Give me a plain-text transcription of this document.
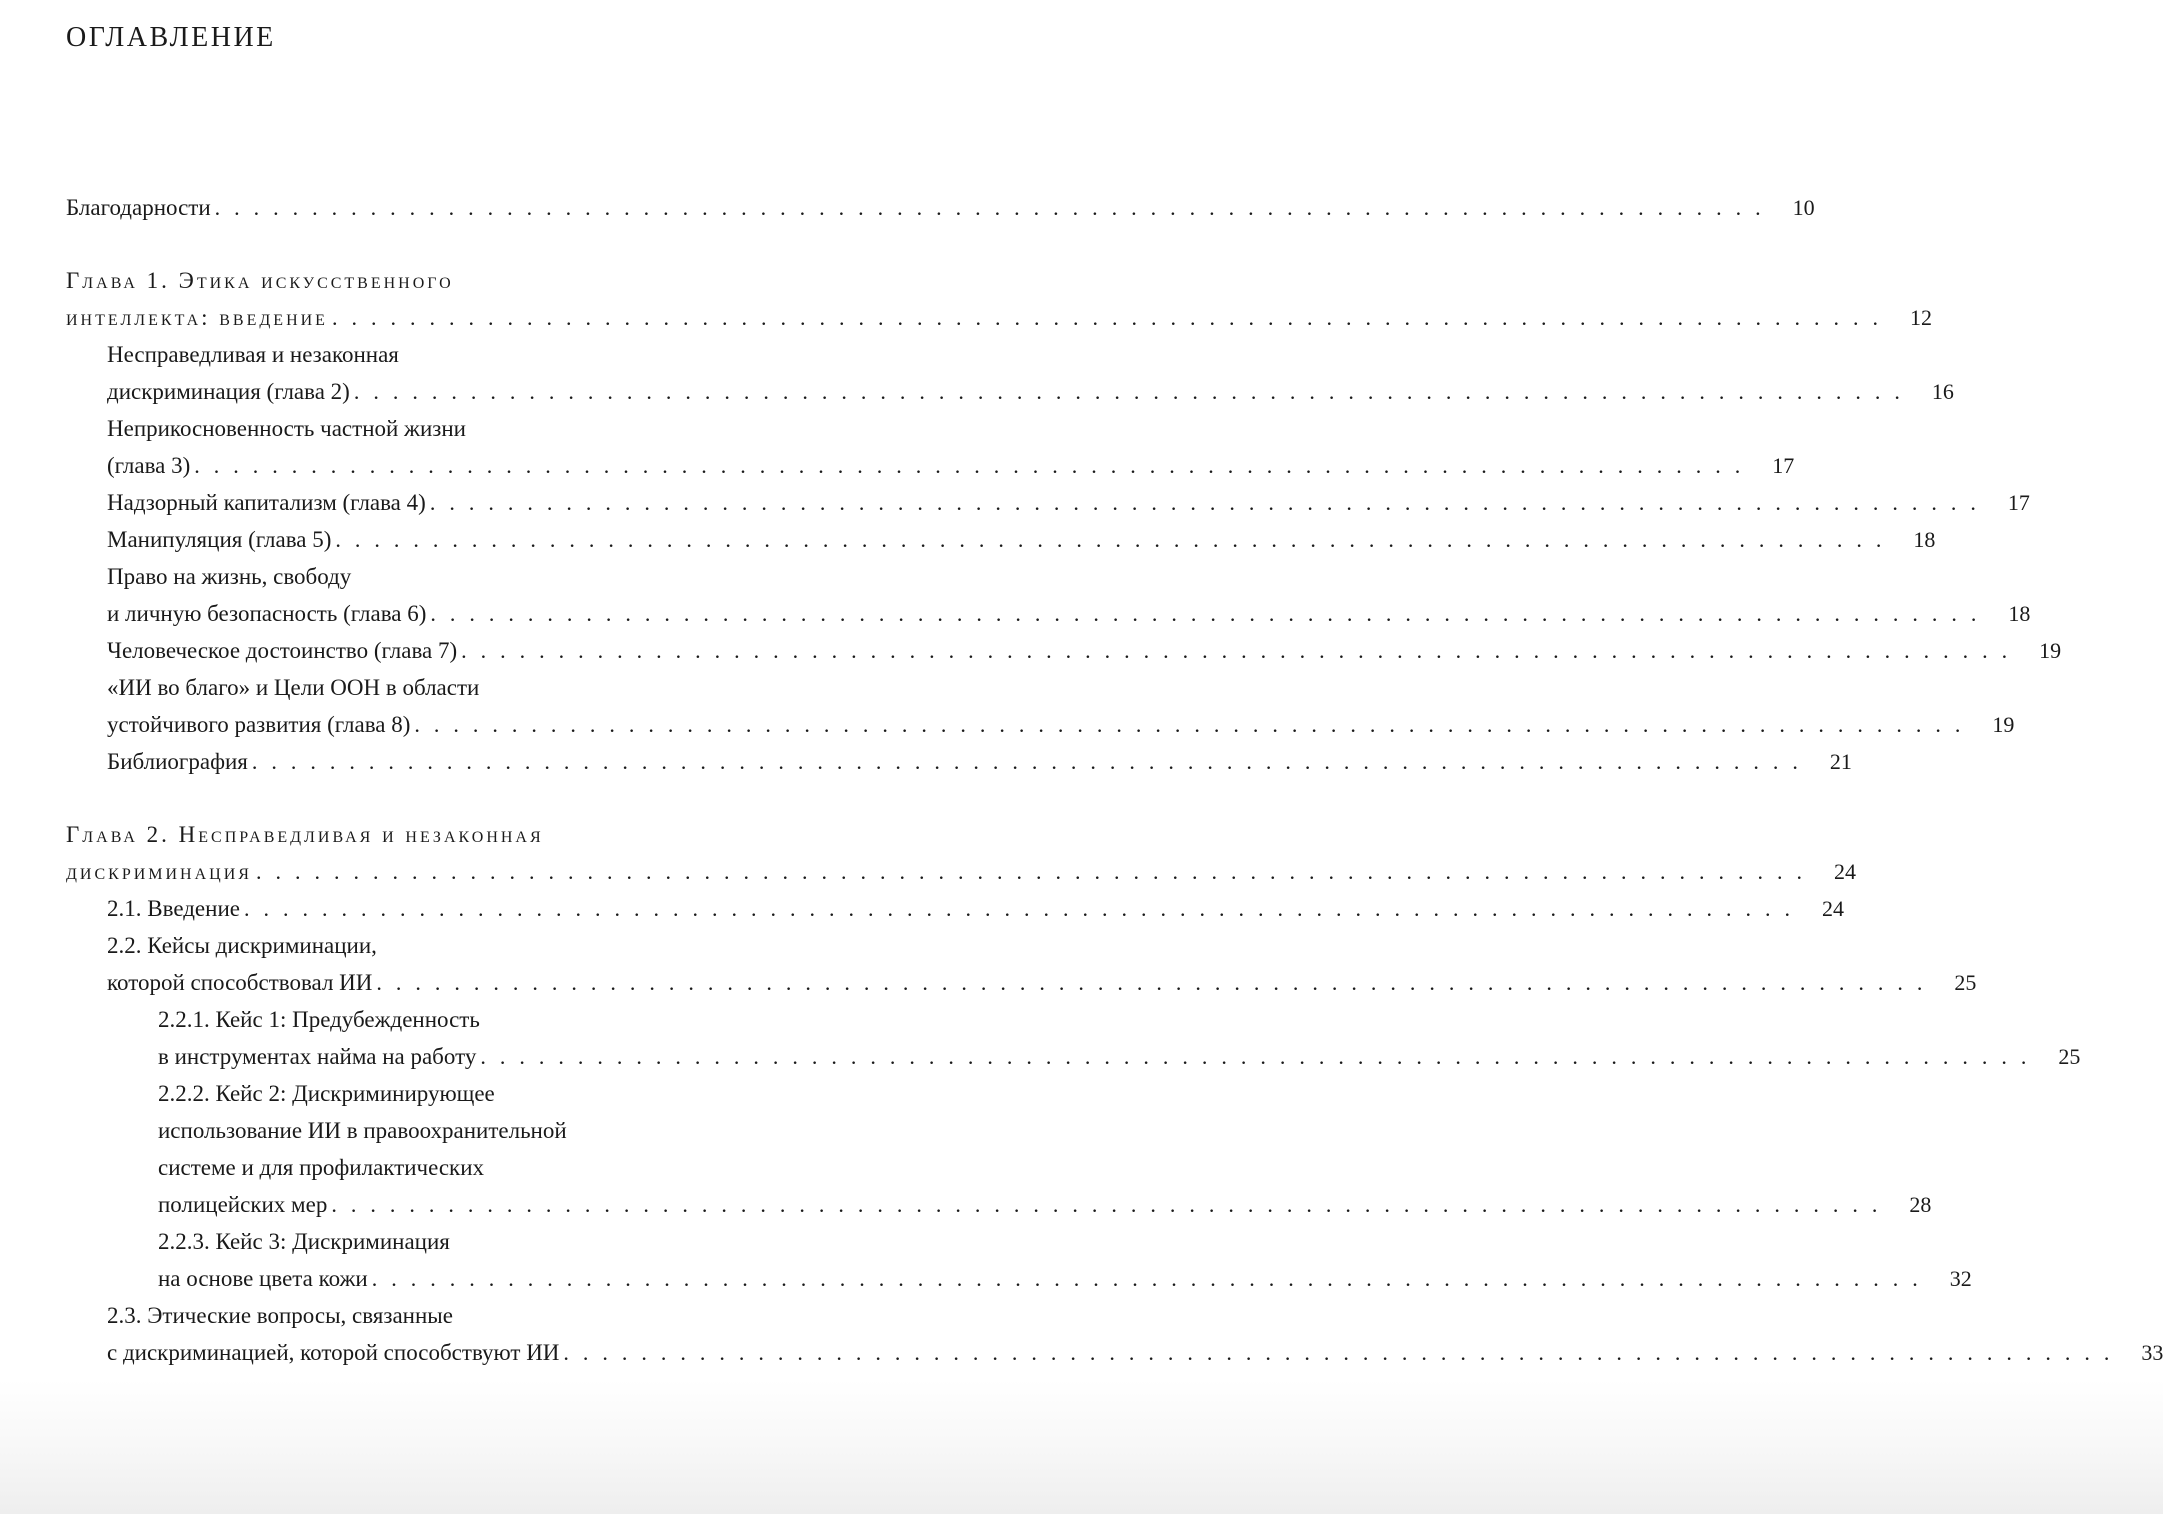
ОГЛАВЛЕНИЕ
Благодарности ................................................................................ 10
Глава 1. Этика искусственного
интеллекта: введение ................................................................................ 12
Несправедливая и незаконная
дискриминация (глава 2) ................................................................................ 16
Неприкосновенность частной жизни
(глава 3) ................................................................................ 17
Надзорный капитализм (глава 4) ................................................................................ 17
Манипуляция (глава 5) ................................................................................ 18
Право на жизнь, свободу
и личную безопасность (глава 6) ................................................................................ 18
Человеческое достоинство (глава 7) ................................................................................ 19
«ИИ во благо» и Цели ООН в области
устойчивого развития (глава 8) ................................................................................ 19
Библиография ................................................................................ 21
Глава 2. Несправедливая и незаконная
дискриминация ................................................................................ 24
2.1. Введение ................................................................................ 24
2.2. Кейсы дискриминации,
которой способствовал ИИ ................................................................................ 25
2.2.1. Кейс 1: Предубежденность
в инструментах найма на работу ................................................................................ 25
2.2.2. Кейс 2: Дискриминирующее
использование ИИ в правоохранительной
системе и для профилактических
полицейских мер ................................................................................ 28
2.2.3. Кейс 3: Дискриминация
на основе цвета кожи ................................................................................ 32
2.3. Этические вопросы, связанные
с дискриминацией, которой способствуют ИИ ................................................................................ 33
